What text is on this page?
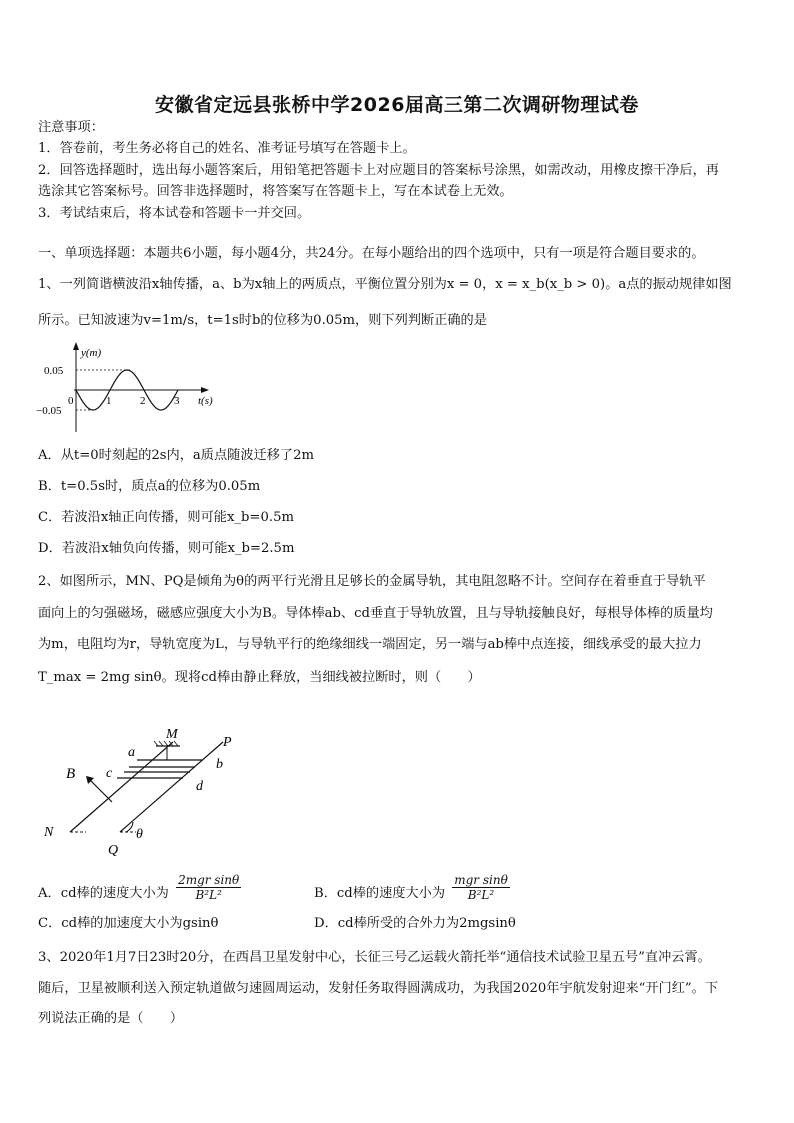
安徽省定远县张桥中学2026届高三第二次调研物理试卷
注意事项：
1．答卷前，考生务必将自己的姓名、准考证号填写在答题卡上。
2．回答选择题时，选出每小题答案后，用铅笔把答题卡上对应题目的答案标号涂黑，如需改动，用橡皮擦干净后，再
选涂其它答案标号。回答非选择题时，将答案写在答题卡上，写在本试卷上无效。
3．考试结束后，将本试卷和答题卡一并交回。
一、单项选择题：本题共6小题，每小题4分，共24分。在每小题给出的四个选项中，只有一项是符合题目要求的。
1、一列简谐横波沿x轴传播，a、b为x轴上的两质点，平衡位置分别为x = 0，x = x_b(x_b > 0)。a点的振动规律如图
所示。已知波速为v=1m/s，t=1s时b的位移为0.05m，则下列判断正确的是
y(m)
t(s)
0.05
−0.05
0	1	2	3
A．从t=0时刻起的2s内，a质点随波迁移了2m
B．t=0.5s时，质点a的位移为0.05m
C．若波沿x轴正向传播，则可能x_b=0.5m
D．若波沿x轴负向传播，则可能x_b=2.5m
2、如图所示，MN、PQ是倾角为θ的两平行光滑且足够长的金属导轨，其电阻忽略不计。空间存在着垂直于导轨平
面向上的匀强磁场，磁感应强度大小为B。导体棒ab、cd垂直于导轨放置，且与导轨接触良好，每根导体棒的质量均
为m，电阻均为r，导轨宽度为L，与导轨平行的绝缘细线一端固定，另一端与ab棒中点连接，细线承受的最大拉力
T_max = 2mg sinθ。现将cd棒由静止释放，当细线被拉断时，则（　　）
M
P
a
b
c
d
B
N
Q
θ
A．cd棒的速度大小为
2mgr sinθ
B²L²	B．cd棒的速度大小为
mgr sinθ
B²L²
C．cd棒的加速度大小为gsinθ	D．cd棒所受的合外力为2mgsinθ
3、2020年1月7日23时20分，在西昌卫星发射中心，长征三号乙运载火箭托举“通信技术试验卫星五号”直冲云霄。
随后，卫星被顺利送入预定轨道做匀速圆周运动，发射任务取得圆满成功，为我国2020年宇航发射迎来“开门红”。下
列说法正确的是（　　）
